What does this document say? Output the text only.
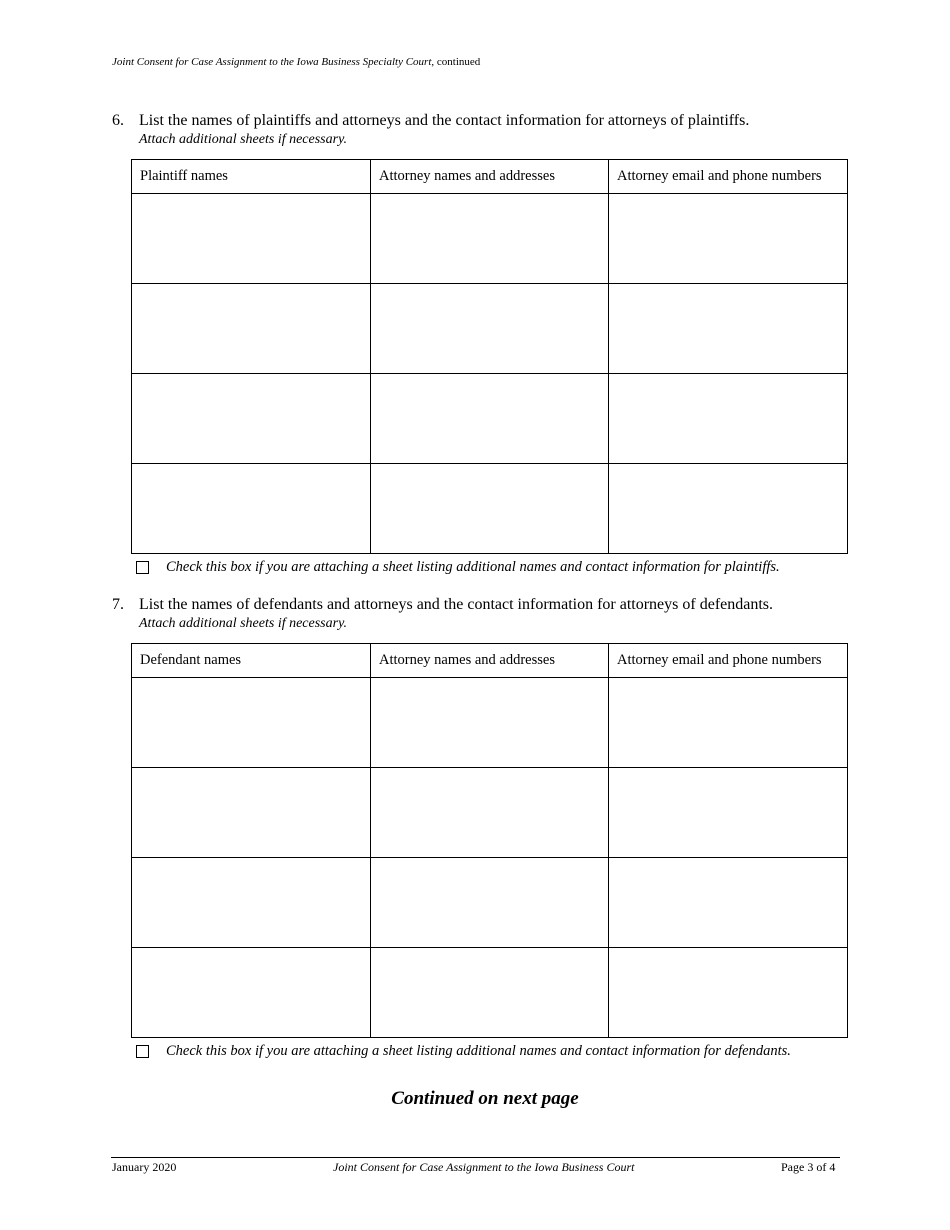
Joint Consent for Case Assignment to the Iowa Business Specialty Court, continued
6. List the names of plaintiffs and attorneys and the contact information for attorneys of plaintiffs.
Attach additional sheets if necessary.
Plaintiff names	Attorney names and addresses	Attorney email and phone numbers

Check this box if you are attaching a sheet listing additional names and contact information for plaintiffs.
7. List the names of defendants and attorneys and the contact information for attorneys of defendants.
Attach additional sheets if necessary.
Defendant names	Attorney names and addresses	Attorney email and phone numbers

Check this box if you are attaching a sheet listing additional names and contact information for defendants.
Continued on next page
January 2020	Joint Consent for Case Assignment to the Iowa Business Court	Page 3 of 4
